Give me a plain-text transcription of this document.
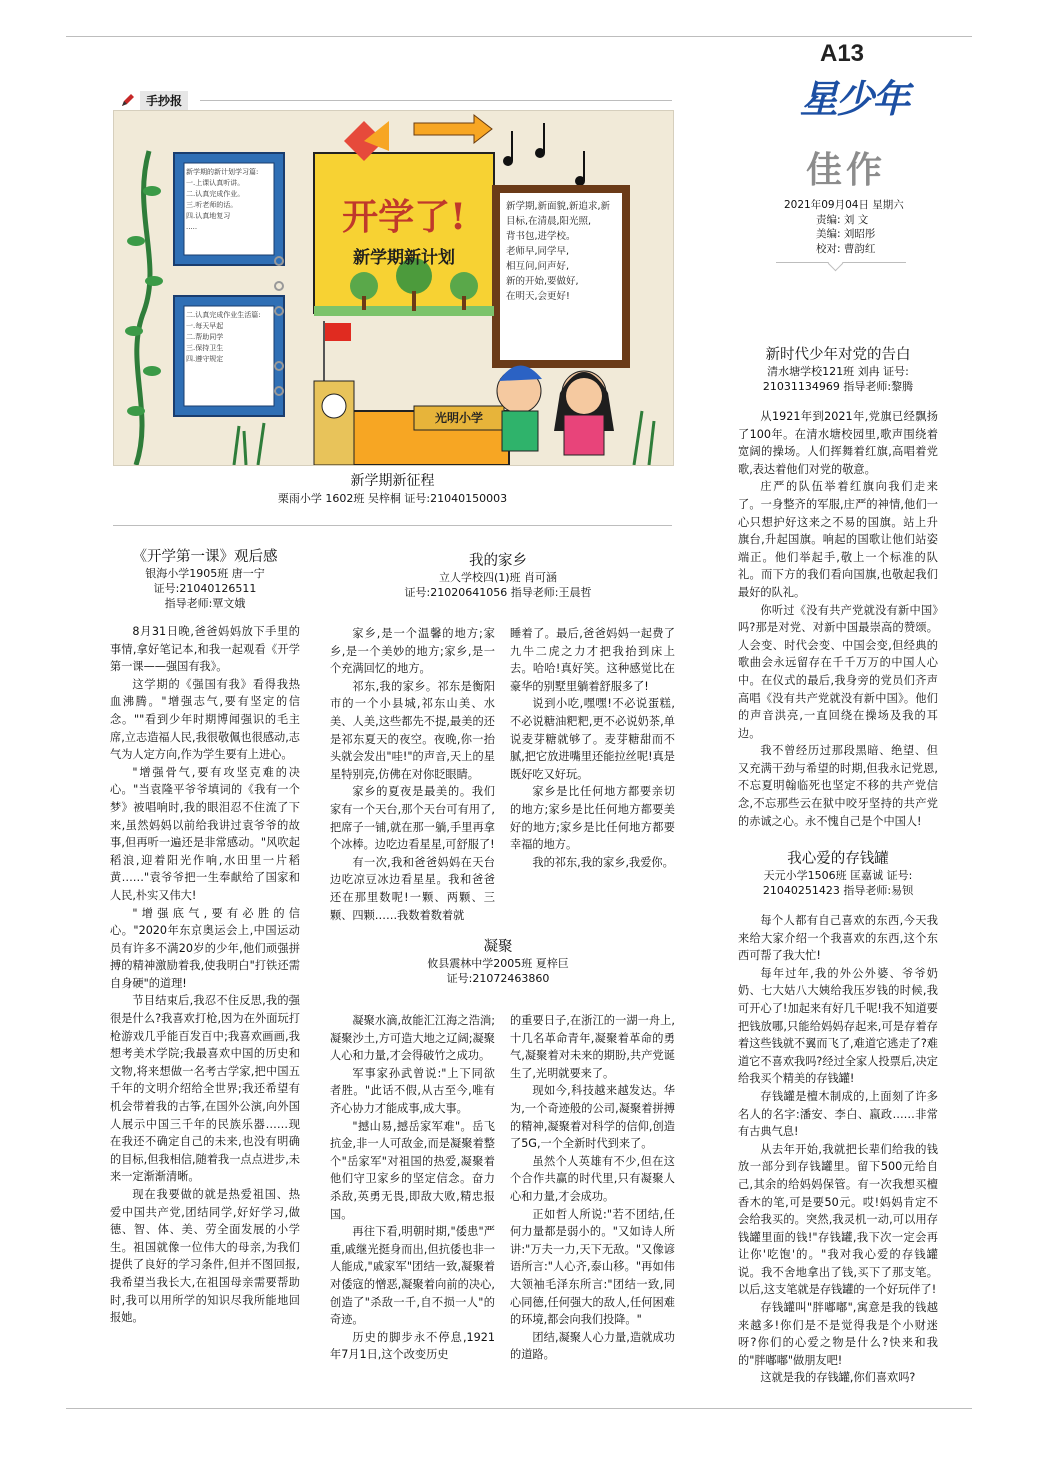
A13
星少年
佳作
2021年09月04日 星期六
责编: 刘 文
美编: 刘昭彤
校对: 曹韵红
手抄报
新学期的新计划学习篇:
一.上课认真听讲。
二.认真完成作业。
三.听老师的话。
四.认真地复习
.....
二.认真完成作业生活篇:
一.每天早起
二.帮助同学
三.保持卫生
四.遵守规定
开学了!
新学期新计划
新学期,新面貌,新追求,新目标,在清晨,阳光照,
背书包,进学校。
老师早,同学早,
相互问,问声好,
新的开始,要做好,
在明天,会更好!
光明小学
新学期新征程
栗雨小学 1602班 吴梓桐 证号:21040150003
《开学第一课》观后感
银海小学1905班 唐一宁
证号:21040126511
指导老师:覃文娥

8月31日晚,爸爸妈妈放下手里的事情,拿好笔记本,和我一起观看《开学第一课——强国有我》。

这学期的《强国有我》看得我热血沸腾。"增强志气,要有坚定的信念。""看到少年时期博闻强识的毛主席,立志造福人民,我很敬佩也很感动,志气为人定方向,作为学生要有上进心。

"增强骨气,要有攻坚克难的决心。"当袁隆平爷爷填词的《我有一个梦》被唱响时,我的眼泪忍不住流了下来,虽然妈妈以前给我讲过袁爷爷的故事,但再听一遍还是非常感动。"风吹起稻浪,迎着阳光作响,水田里一片稻黄……"袁爷爷把一生奉献给了国家和人民,朴实又伟大!

"增强底气,要有必胜的信心。"2020年东京奥运会上,中国运动员有许多不满20岁的少年,他们顽强拼搏的精神激励着我,使我明白"打铁还需自身硬"的道理!

节目结束后,我忍不住反思,我的强很是什么?我喜欢打枪,因为在外面玩打枪游戏几乎能百发百中;我喜欢画画,我想考美术学院;我最喜欢中国的历史和文物,将来想做一名考古学家,把中国五千年的文明介绍给全世界;我还希望有机会带着我的古筝,在国外公演,向外国人展示中国三千年的民族乐器……现在我还不确定自己的未来,也没有明确的目标,但我相信,随着我一点点进步,未来一定渐渐清晰。

现在我要做的就是热爱祖国、热爱中国共产党,团结同学,好好学习,做德、智、体、美、劳全面发展的小学生。祖国就像一位伟大的母亲,为我们提供了良好的学习条件,但并不图回报,我希望当我长大,在祖国母亲需要帮助时,我可以用所学的知识尽我所能地回报她。

我的家乡
立人学校四(1)班 肖可涵
证号:21020641056 指导老师:王晨哲

家乡,是一个温馨的地方;家乡,是一个美妙的地方;家乡,是一个充满回忆的地方。

祁东,我的家乡。祁东是衡阳市的一个小县城,祁东山美、水美、人美,这些都先不提,最美的还是祁东夏天的夜空。夜晚,你一抬头就会发出"哇!"的声音,天上的星星特别亮,仿佛在对你眨眼睛。

家乡的夏夜是最美的。我们家有一个天台,那个天台可有用了,把席子一铺,就在那一躺,手里再拿个冰棒。边吃边看星星,可舒服了!

有一次,我和爸爸妈妈在天台边吃凉豆冰边看星星。我和爸爸还在那里数呢!一颗、两颗、三颗、四颗……我数着数着就

睡着了。最后,爸爸妈妈一起费了九牛二虎之力才把我抬到床上去。哈哈!真好笑。这种感觉比在豪华的别墅里躺着舒服多了!

说到小吃,嘿嘿!不必说蛋糕,不必说糖油粑粑,更不必说奶茶,单说麦芽糖就够了。麦芽糖甜而不腻,把它放进嘴里还能拉丝呢!真是既好吃又好玩。

家乡是比任何地方都要亲切的地方;家乡是比任何地方都要美好的地方;家乡是比任何地方都要幸福的地方。

我的祁东,我的家乡,我爱你。

凝聚
攸县震林中学2005班 夏梓巨
证号:21072463860

凝聚水滴,故能汇江海之浩淌;凝聚沙土,方可造大地之辽阔;凝聚人心和力量,才会得破竹之成功。

军事家孙武曾说:"上下同欲者胜。"此话不假,从古至今,唯有齐心协力才能成事,成大事。

"撼山易,撼岳家军难"。岳飞抗金,非一人可敌金,而是凝聚着整个"岳家军"对祖国的热爱,凝聚着他们守卫家乡的坚定信念。奋力杀敌,英勇无畏,即敌大败,精忠报国。

再往下看,明朝时期,"倭患"严重,戚继光挺身而出,但抗倭也非一人能成,"戚家军"团结一致,凝聚着对倭寇的憎恶,凝聚着向前的决心,创造了"杀敌一千,自不损一人"的奇迹。

历史的脚步永不停息,1921年7月1日,这个改变历史

的重要日子,在浙江的一湖一舟上,十几名革命青年,凝聚着革命的勇气,凝聚着对未来的期盼,共产党诞生了,光明就要来了。

现如今,科技越来越发达。华为,一个奇迹般的公司,凝聚着拼搏的精神,凝聚着对科学的信仰,创造了5G,一个全新时代到来了。

虽然个人英雄有不少,但在这个合作共赢的时代里,只有凝聚人心和力量,才会成功。

正如哲人所说:"若不团结,任何力量都是弱小的。"又如诗人所讲:"万夫一力,天下无敌。"又像谚语所言:"人心齐,泰山移。"再如伟大领袖毛泽东所言:"团结一致,同心同德,任何强大的敌人,任何困难的环境,都会向我们投降。"

团结,凝聚人心力量,造就成功的道路。

新时代少年对党的告白
清水塘学校121班 刘冉 证号:
21031134969 指导老师:黎腾

从1921年到2021年,党旗已经飘扬了100年。在清水塘校园里,歌声围绕着宽阔的操场。人们挥舞着红旗,高唱着党歌,表达着他们对党的敬意。

庄严的队伍举着红旗向我们走来了。一身整齐的军服,庄严的神情,他们一心只想护好这来之不易的国旗。站上升旗台,升起国旗。响起的国歌让他们站姿端正。他们举起手,敬上一个标准的队礼。而下方的我们看向国旗,也敬起我们最好的队礼。

你听过《没有共产党就没有新中国》吗?那是对党、对新中国最崇高的赞颂。人会变、时代会变、中国会变,但经典的歌曲会永远留存在千千万万的中国人心中。在仪式的最后,我身旁的党员们齐声高唱《没有共产党就没有新中国》。他们的声音洪亮,一直回绕在操场及我的耳边。

我不曾经历过那段黑暗、绝望、但又充满干劲与希望的时期,但我永记党恩,不忘夏明翰临死也坚定不移的共产党信念,不忘那些云在狱中咬牙坚持的共产党的赤诚之心。永不愧自己是个中国人!

我心爱的存钱罐
天元小学1506班 匡嘉诚 证号:
21040251423 指导老师:易钡

每个人都有自己喜欢的东西,今天我来给大家介绍一个我喜欢的东西,这个东西可帮了我大忙!

每年过年,我的外公外婆、爷爷奶奶、七大姑八大姨给我压岁钱的时候,我可开心了!加起来有好几千呢!我不知道要把钱放哪,只能给妈妈存起来,可是存着存着这些钱就不翼而飞了,难道它逃走了?难道它不喜欢我吗?经过全家人投票后,决定给我买个精美的存钱罐!

存钱罐是檀木制成的,上面刻了许多名人的名字:潘安、李白、嬴政……非常有古典气息!

从去年开始,我就把长辈们给我的钱放一部分到存钱罐里。留下500元给自己,其余的给妈妈保管。有一次我想买檀香木的笔,可是要50元。哎!妈妈肯定不会给我买的。突然,我灵机一动,可以用存钱罐里面的钱!"存钱罐,我下次一定会再让你'吃饱'的。"我对我心爱的存钱罐说。我不舍地拿出了钱,买下了那支笔。以后,这支笔就是存钱罐的一个好玩伴了!

存钱罐叫"胖嘟嘟",寓意是我的钱越来越多!你们是不是觉得我是个小财迷呀?你们的心爱之物是什么?快来和我的"胖嘟嘟"做朋友吧!

这就是我的存钱罐,你们喜欢吗?
